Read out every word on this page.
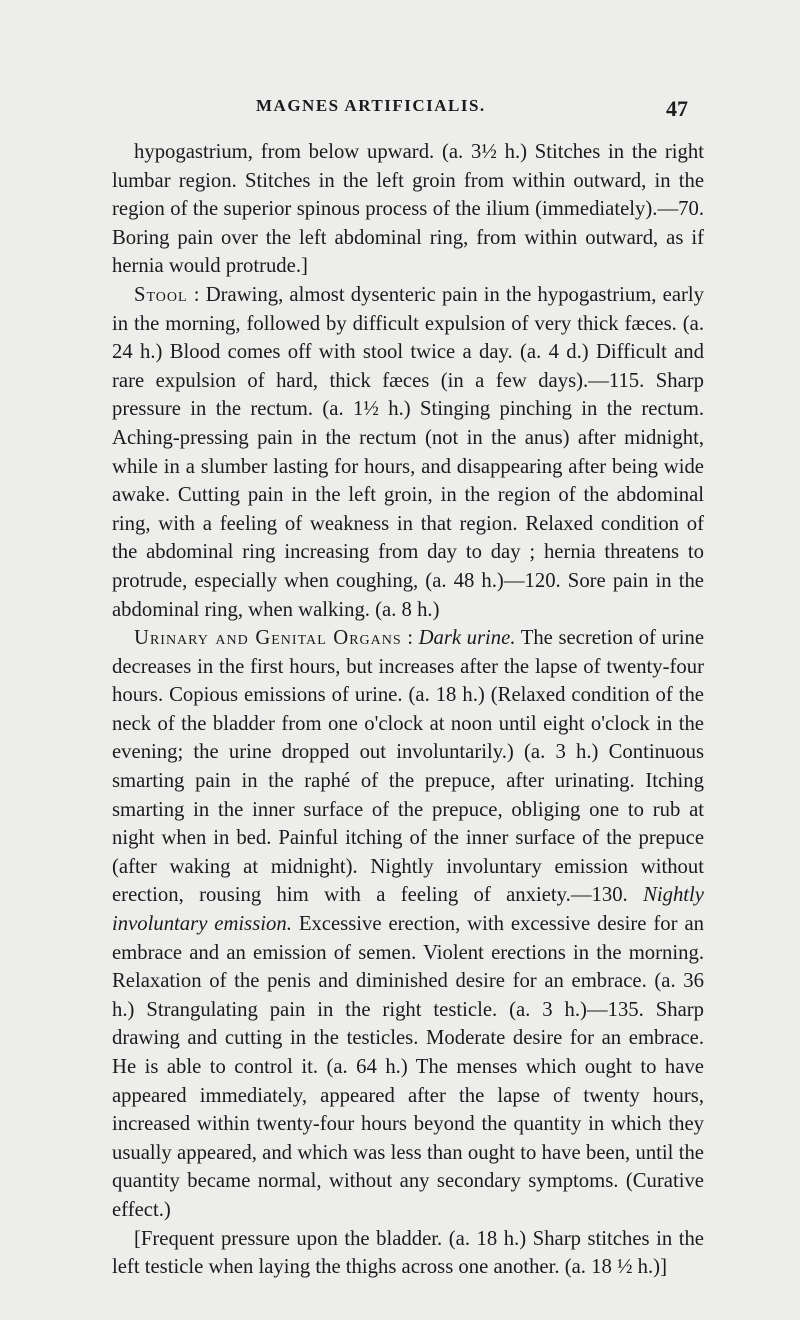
MAGNES ARTIFICIALIS.	47

hypogastrium, from below upward. (a. 3½ h.) Stitches in the right lumbar region. Stitches in the left groin from within outward, in the region of the superior spinous process of the ilium (immediately).—70. Boring pain over the left abdominal ring, from within outward, as if hernia would protrude.]

Stool : Drawing, almost dysenteric pain in the hypogastrium, early in the morning, followed by difficult expulsion of very thick fæces. (a. 24 h.) Blood comes off with stool twice a day. (a. 4 d.) Difficult and rare expulsion of hard, thick fæces (in a few days).—115. Sharp pressure in the rectum. (a. 1½ h.) Stinging pinching in the rectum. Aching-pressing pain in the rectum (not in the anus) after midnight, while in a slumber lasting for hours, and disappearing after being wide awake. Cutting pain in the left groin, in the region of the abdominal ring, with a feeling of weakness in that region. Relaxed condition of the abdominal ring increasing from day to day ; hernia threatens to protrude, especially when coughing, (a. 48 h.)—120. Sore pain in the abdominal ring, when walking. (a. 8 h.)

Urinary and Genital Organs : Dark urine. The secretion of urine decreases in the first hours, but increases after the lapse of twenty-four hours. Copious emissions of urine. (a. 18 h.) (Relaxed condition of the neck of the bladder from one o'clock at noon until eight o'clock in the evening; the urine dropped out involuntarily.) (a. 3 h.) Continuous smarting pain in the raphé of the prepuce, after urinating. Itching smarting in the inner surface of the prepuce, obliging one to rub at night when in bed. Painful itching of the inner surface of the prepuce (after waking at midnight). Nightly involuntary emission without erection, rousing him with a feeling of anxiety.—130. Nightly involuntary emission. Excessive erection, with excessive desire for an embrace and an emission of semen. Violent erections in the morning. Relaxation of the penis and diminished desire for an embrace. (a. 36 h.) Strangulating pain in the right testicle. (a. 3 h.)—135. Sharp drawing and cutting in the testicles. Moderate desire for an embrace. He is able to control it. (a. 64 h.) The menses which ought to have appeared immediately, appeared after the lapse of twenty hours, increased within twenty-four hours beyond the quantity in which they usually appeared, and which was less than ought to have been, until the quantity became normal, without any secondary symptoms. (Curative effect.)

[Frequent pressure upon the bladder. (a. 18 h.) Sharp stitches in the left testicle when laying the thighs across one another. (a. 18 ½ h.)]
